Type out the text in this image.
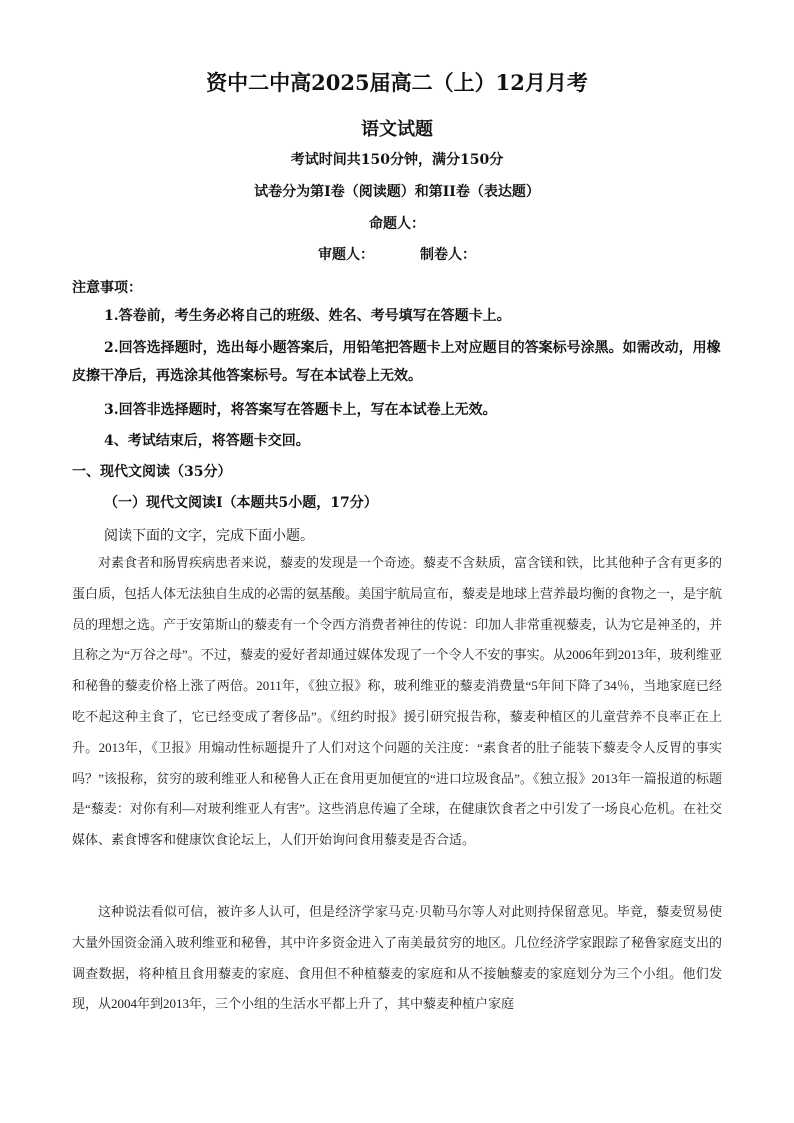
资中二中高2025届高二（上）12月月考
语文试题
考试时间共150分钟，满分150分
试卷分为第Ⅰ卷（阅读题）和第II卷（表达题）
命题人：
审题人：	制卷人：
注意事项：
1.答卷前，考生务必将自己的班级、姓名、考号填写在答题卡上。
2.回答选择题时，选出每小题答案后，用铅笔把答题卡上对应题目的答案标号涂黑。如需改动，用橡皮擦干净后，再选涂其他答案标号。写在本试卷上无效。
3.回答非选择题时，将答案写在答题卡上，写在本试卷上无效。
4、考试结束后，将答题卡交回。
一、现代文阅读（35分）
（一）现代文阅读Ⅰ（本题共5小题，17分）
阅读下面的文字，完成下面小题。
对素食者和肠胃疾病患者来说，藜麦的发现是一个奇迹。藜麦不含麸质，富含镁和铁，比其他种子含有更多的蛋白质，包括人体无法独自生成的必需的氨基酸。美国宇航局宣布，藜麦是地球上营养最均衡的食物之一，是宇航员的理想之选。产于安第斯山的藜麦有一个令西方消费者神往的传说：印加人非常重视藜麦，认为它是神圣的，并且称之为“万谷之母”。不过，藜麦的爱好者却通过媒体发现了一个令人不安的事实。从2006年到2013年，玻利维亚和秘鲁的藜麦价格上涨了两倍。2011年，《独立报》称，玻利维亚的藜麦消费量“5年间下降了34％，当地家庭已经吃不起这种主食了，它已经变成了奢侈品”。《纽约时报》援引研究报告称，藜麦种植区的儿童营养不良率正在上升。2013年，《卫报》用煽动性标题提升了人们对这个问题的关注度：“素食者的肚子能装下藜麦令人反胃的事实吗？”该报称，贫穷的玻利维亚人和秘鲁人正在食用更加便宜的“进口垃圾食品”。《独立报》2013年一篇报道的标题是“藜麦：对你有利—对玻利维亚人有害”。这些消息传遍了全球，在健康饮食者之中引发了一场良心危机。在社交媒体、素食博客和健康饮食论坛上，人们开始询问食用藜麦是否合适。
这种说法看似可信，被许多人认可，但是经济学家马克·贝勒马尔等人对此则持保留意见。毕竟，藜麦贸易使大量外国资金涌入玻利维亚和秘鲁，其中许多资金进入了南美最贫穷的地区。几位经济学家跟踪了秘鲁家庭支出的调查数据，将种植且食用藜麦的家庭、食用但不种植藜麦的家庭和从不接触藜麦的家庭划分为三个小组。他们发现，从2004年到2013年，三个小组的生活水平都上升了，其中藜麦种植户家庭
